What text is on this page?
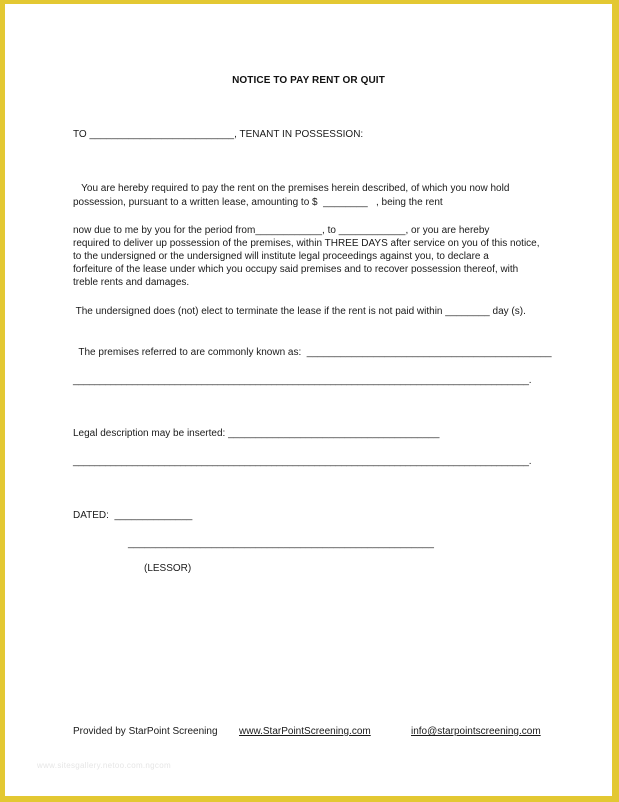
NOTICE TO PAY RENT OR QUIT
TO __________________________, TENANT IN POSSESSION:
You are hereby required to pay the rent on the premises herein described, of which you now hold
possession, pursuant to a written lease, amounting to $  ________   , being the rent
now due to me by you for the period from____________, to ____________, or you are hereby
required to deliver up possession of the premises, within THREE DAYS after service on you of this notice,
to the undersigned or the undersigned will institute legal proceedings against you, to declare a
forfeiture of the lease under which you occupy said premises and to recover possession thereof, with
treble rents and damages.
The undersigned does (not) elect to terminate the lease if the rent is not paid within ________ day (s).
The premises referred to are commonly known as:  ____________________________________________
_____________________________________________________________________________________.
Legal description may be inserted: ______________________________________
_____________________________________________________________________________________.
DATED:  ______________
_______________________________________________________
(LESSOR)
Provided by StarPoint Screening www.StarPointScreening.com	info@starpointscreening.com
www.sitesgallery.netoo.com.ngcom
